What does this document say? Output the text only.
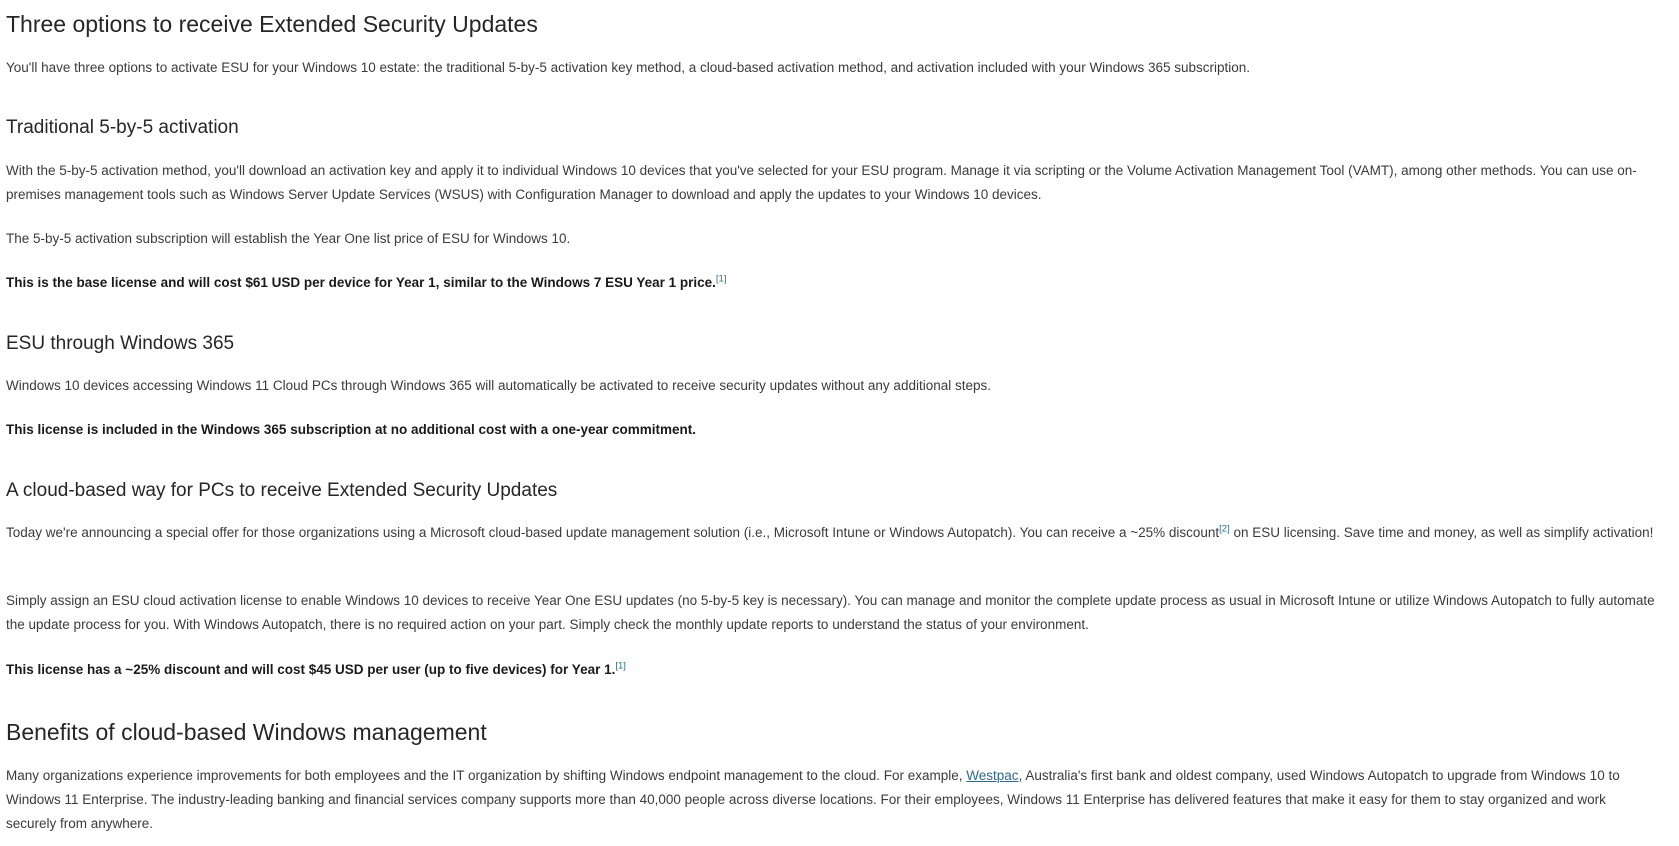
Three options to receive Extended Security Updates

You'll have three options to activate ESU for your Windows 10 estate: the traditional 5-by-5 activation key method, a cloud-based activation method, and activation included with your Windows 365 subscription.

Traditional 5-by-5 activation

With the 5-by-5 activation method, you'll download an activation key and apply it to individual Windows 10 devices that you've selected for your ESU program. Manage it via scripting or the Volume Activation Management Tool (VAMT), among other methods. You can use on-premises management tools such as Windows Server Update Services (WSUS) with Configuration Manager to download and apply the updates to your Windows 10 devices.

The 5-by-5 activation subscription will establish the Year One list price of ESU for Windows 10.

This is the base license and will cost $61 USD per device for Year 1, similar to the Windows 7 ESU Year 1 price.[1]

ESU through Windows 365

Windows 10 devices accessing Windows 11 Cloud PCs through Windows 365 will automatically be activated to receive security updates without any additional steps.

This license is included in the Windows 365 subscription at no additional cost with a one-year commitment.

A cloud-based way for PCs to receive Extended Security Updates

Today we're announcing a special offer for those organizations using a Microsoft cloud-based update management solution (i.e., Microsoft Intune or Windows Autopatch). You can receive a ~25% discount[2] on ESU licensing. Save time and money, as well as simplify activation!

Simply assign an ESU cloud activation license to enable Windows 10 devices to receive Year One ESU updates (no 5-by-5 key is necessary). You can manage and monitor the complete update process as usual in Microsoft Intune or utilize Windows Autopatch to fully automate the update process for you. With Windows Autopatch, there is no required action on your part. Simply check the monthly update reports to understand the status of your environment.

This license has a ~25% discount and will cost $45 USD per user (up to five devices) for Year 1.[1]

Benefits of cloud-based Windows management

Many organizations experience improvements for both employees and the IT organization by shifting Windows endpoint management to the cloud. For example, Westpac, Australia's first bank and oldest company, used Windows Autopatch to upgrade from Windows 10 to Windows 11 Enterprise. The industry-leading banking and financial services company supports more than 40,000 people across diverse locations. For their employees, Windows 11 Enterprise has delivered features that make it easy for them to stay organized and work securely from anywhere.
